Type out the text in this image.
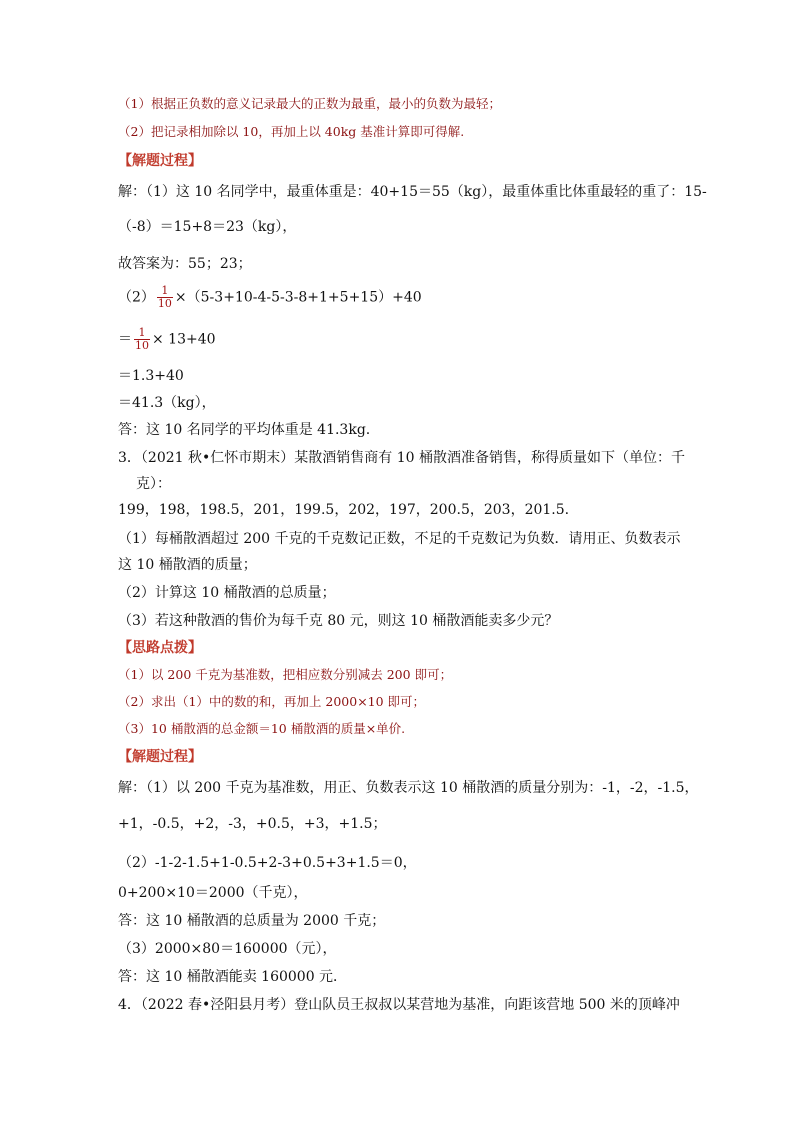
（1）根据正负数的意义记录最大的正数为最重，最小的负数为最轻；
（2）把记录相加除以 10，再加上以 40kg 基准计算即可得解.
【解题过程】
解：（1）这 10 名同学中，最重体重是：40+15＝55（kg），最重体重比体重最轻的重了：15-
（-8）＝15+8＝23（kg），
故答案为：55；23；
$(2) \frac{1}{10} \times(5-3+10-4-5-3-8+1+5+15)+40$
＝ $\frac{1}{10} \times 13+40$
＝1.3+40
＝41.3（kg），
答：这 10 名同学的平均体重是 41.3kg.
3．（2021 秋•仁怀市期末）某散酒销售商有 10 桶散酒准备销售，称得质量如下（单位：千
克）：
199，198，198.5，201，199.5，202，197，200.5，203，201.5.
（1）每桶散酒超过 200 千克的千克数记正数，不足的千克数记为负数．请用正、负数表示
这 10 桶散酒的质量；
（2）计算这 10 桶散酒的总质量；
（3）若这种散酒的售价为每千克 80 元，则这 10 桶散酒能卖多少元？
【思路点拨】
（1）以 200 千克为基准数，把相应数分别减去 200 即可；
（2）求出（1）中的数的和，再加上 2000×10 即可；
（3）10 桶散酒的总金额＝10 桶散酒的质量×单价.
【解题过程】
解：（1）以 200 千克为基准数，用正、负数表示这 10 桶散酒的质量分别为：-1，-2，-1.5，
+1，-0.5，+2，-3，+0.5，+3，+1.5；
（2）-1-2-1.5+1-0.5+2-3+0.5+3+1.5＝0，
0+200×10＝2000（千克），
答：这 10 桶散酒的总质量为 2000 千克；
（3）2000×80＝160000（元），
答：这 10 桶散酒能卖 160000 元．
4．（2022 春•泾阳县月考）登山队员王叔叔以某营地为基准，向距该营地 500 米的顶峰冲
